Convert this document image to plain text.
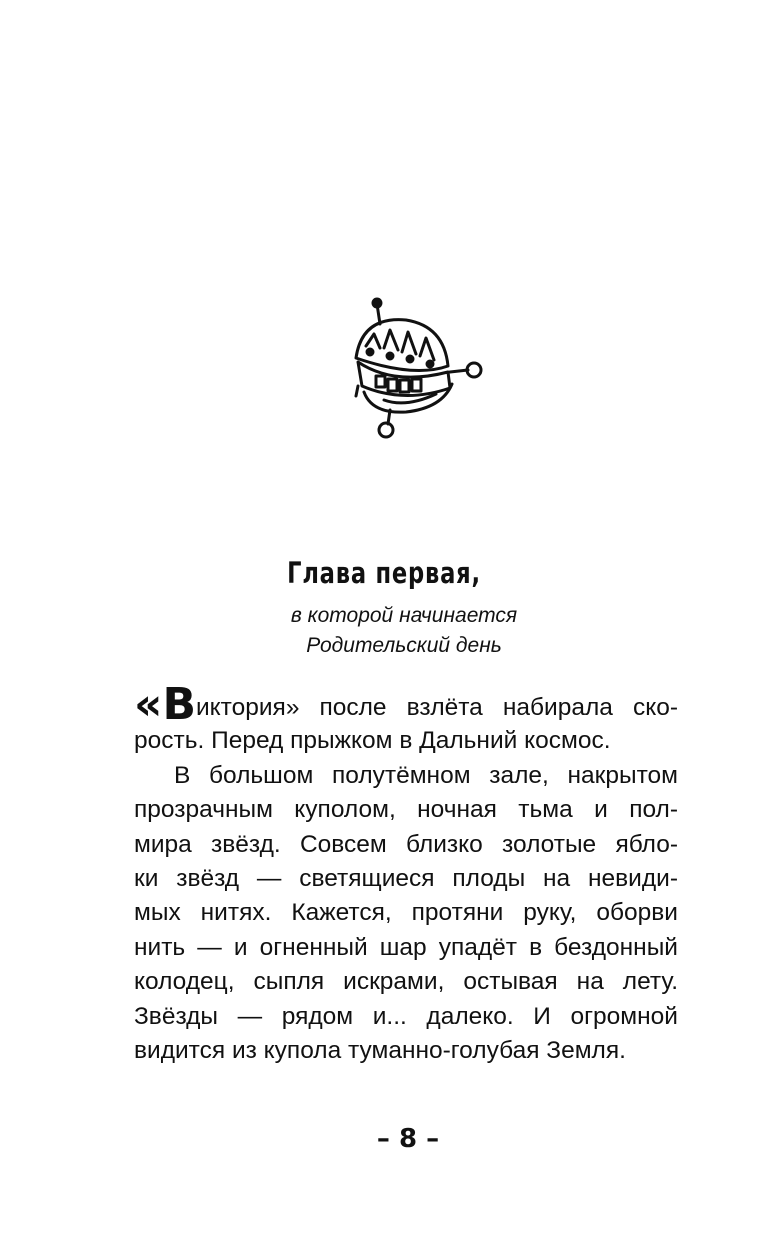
Глава первая,
в которой начинается
Родительский день
«Виктория» после взлёта набирала ско-
рость. Перед прыжком в Дальний космос.
В большом полутёмном зале, накрытом
прозрачным куполом, ночная тьма и пол-
мира звёзд. Совсем близко золотые ябло-
ки звёзд — светящиеся плоды на невиди-
мых нитях. Кажется, протяни руку, оборви
нить — и огненный шар упадёт в бездонный
колодец, сыпля искрами, остывая на лету.
Звёзды — рядом и... далеко. И огромной
видится из купола туманно-голубая Земля.
– 8 –
